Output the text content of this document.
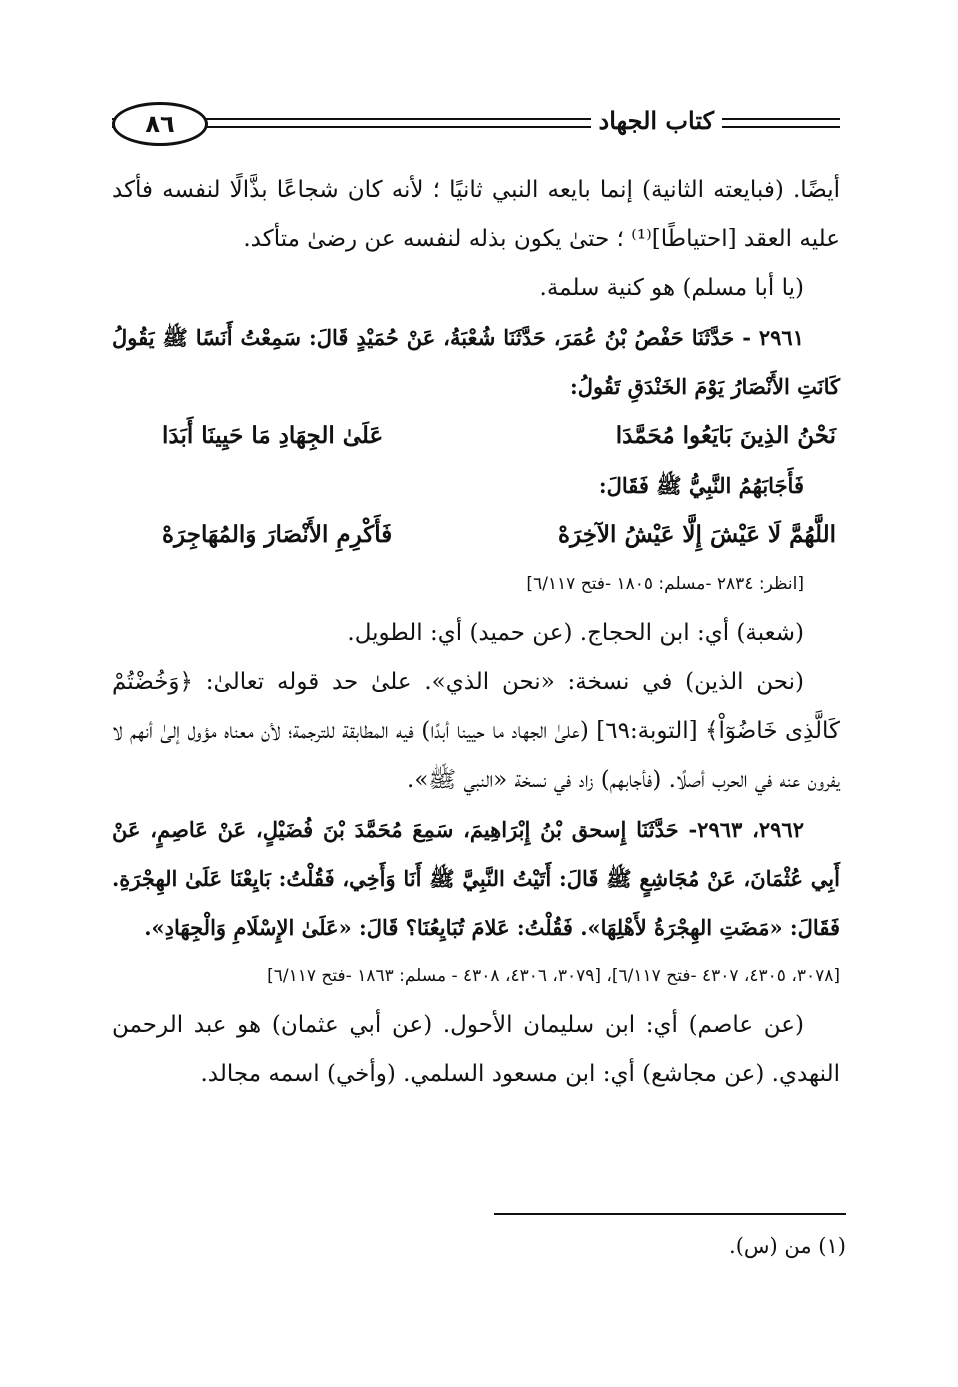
٨٦	كتاب الجهاد

أيضًا. (فبايعته الثانية) إنما بايعه النبي ثانيًا ؛ لأنه كان شجاعًا بذَّالًا لنفسه فأكد عليه العقد [احتياطًا]⁽¹⁾ ؛ حتىٰ يكون بذله لنفسه عن رضىٰ متأكد.

(يا أبا مسلم) هو كنية سلمة.

٢٩٦١ - حَدَّثَنَا حَفْصُ بْنُ عُمَرَ، حَدَّثَنَا شُعْبَةُ، عَنْ حُمَيْدٍ قَالَ: سَمِعْتُ أَنَسًا ﷺ يَقُولُ كَانَتِ الأَنْصَارُ يَوْمَ الخَنْدَقِ تَقُولُ:

نَحْنُ الذِينَ بَايَعُوا مُحَمَّدَا
عَلَىٰ الجِهَادِ مَا حَيِينَا أَبَدَا

فَأَجَابَهُمُ النَّبِيُّ ﷺ فَقَالَ:

اللَّهُمَّ لَا عَيْشَ إِلَّا عَيْشُ الآخِرَهْ
فَأَكْرِمِ الأَنْصَارَ وَالمُهَاجِرَهْ

[انظر: ٢٨٣٤ -مسلم: ١٨٠٥ -فتح ٦/١١٧]

(شعبة) أي: ابن الحجاج. (عن حميد) أي: الطويل.

(نحن الذين) في نسخة: «نحن الذي». علىٰ حد قوله تعالىٰ: ﴿وَخُضْتُمْ كَالَّذِى خَاضُوٓاْ﴾ [التوبة:٦٩] (علىٰ الجهاد ما حيينا أبدًا) فيه المطابقة للترجمة؛ لأن معناه مؤول إلىٰ أنهم لا يفرون عنه في الحرب أصلًا. (فأجابهم) زاد في نسخة «النبي ﷺ».

٢٩٦٢، ٢٩٦٣- حَدَّثَنَا إِسحق بْنُ إِبْرَاهِيمَ، سَمِعَ مُحَمَّدَ بْنَ فُضَيْلٍ، عَنْ عَاصِمٍ، عَنْ أَبِي عُثْمَانَ، عَنْ مُجَاشِعٍ ﷺ قَالَ: أَتَيْتُ النَّبِيَّ ﷺ أَنَا وَأَخِي، فَقُلْتُ: بَايِعْنَا عَلَىٰ الهِجْرَةِ. فَقَالَ: «مَضَتِ الهِجْرَةُ لأَهْلِهَا». فَقُلْتُ: عَلامَ تُبَايِعُنَا؟ قَالَ: «عَلَىٰ الإِسْلَامِ وَالْجِهَادِ».

[٣٠٧٨، ٤٣٠٥، ٤٣٠٧ -فتح ٦/١١٧]، [٣٠٧٩، ٤٣٠٦، ٤٣٠٨ - مسلم: ١٨٦٣ -فتح ٦/١١٧]

(عن عاصم) أي: ابن سليمان الأحول. (عن أبي عثمان) هو عبد الرحمن النهدي. (عن مجاشع) أي: ابن مسعود السلمي. (وأخي) اسمه مجالد.

(١) من (س).
